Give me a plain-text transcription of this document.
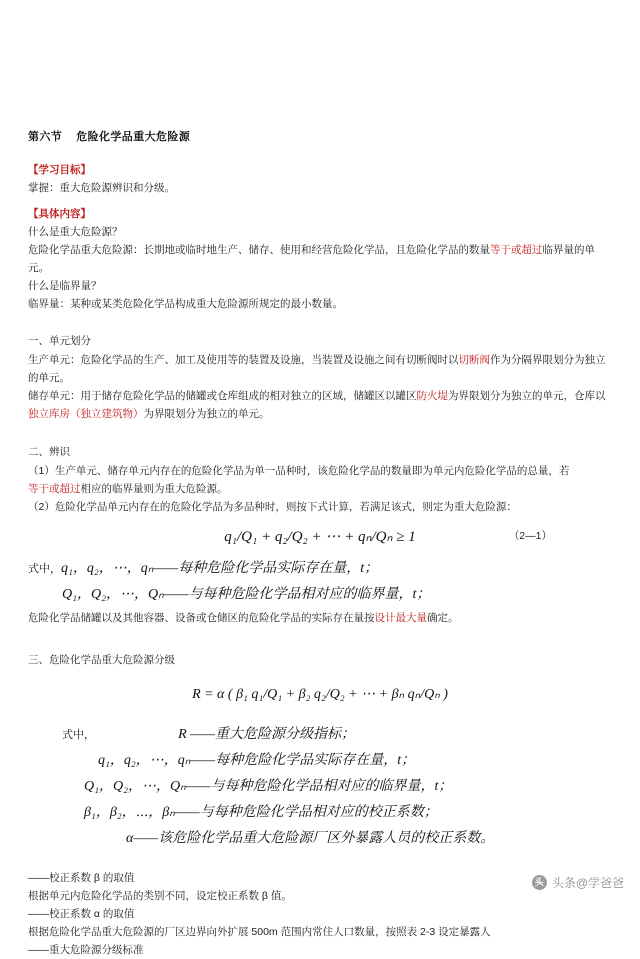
第六节 危险化学品重大危险源

【学习目标】

掌握：重大危险源辨识和分级。

【具体内容】

什么是重大危险源？

危险化学品重大危险源：长期地或临时地生产、储存、使用和经营危险化学品，且危险化学品的数量等于或超过临界量的单元。

什么是临界量？

临界量：某种或某类危险化学品构成重大危险源所规定的最小数量。

一、单元划分

生产单元：危险化学品的生产、加工及使用等的装置及设施，当装置及设施之间有切断阀时以切断阀作为分隔界限划分为独立的单元。

储存单元：用于储存危险化学品的储罐或仓库组成的相对独立的区域，储罐区以罐区防火堤为界限划分为独立的单元，仓库以独立库房（独立建筑物）为界限划分为独立的单元。

二、辨识

（1）生产单元、储存单元内存在的危险化学品为单一品种时，该危险化学品的数量即为单元内危险化学品的总量，若

等于或超过相应的临界量则为重大危险源。

（2）危险化学品单元内存在的危险化学品为多品种时，则按下式计算，若满足该式，则定为重大危险源：

q₁/Q₁ + q₂/Q₂ + ⋯ + qₙ/Qₙ ≥ 1	（2—1）

式中，q₁，q₂，⋯，qₙ——每种危险化学品实际存在量，t；

Q₁，Q₂，⋯，Qₙ——与每种危险化学品相对应的临界量，t；

危险化学品储罐以及其他容器、设备或仓储区的危险化学品的实际存在量按设计最大量确定。

三、危险化学品重大危险源分级

R = α ( β₁ q₁/Q₁ + β₂ q₂/Q₂ + ⋯ + βₙ qₙ/Qₙ )

式中，	R ——重大危险源分级指标；

q₁，q₂，⋯，qₙ——每种危险化学品实际存在量，t；

Q₁，Q₂，⋯，Qₙ——与每种危险化学品相对应的临界量，t；

β₁，β₂，⋯，βₙ——与每种危险化学品相对应的校正系数；

α——该危险化学品重大危险源厂区外暴露人员的校正系数。

——校正系数 β 的取值

根据单元内危险化学品的类别不同，设定校正系数 β 值。

——校正系数 α 的取值

根据危险化学品重大危险源的厂区边界向外扩展 500m 范围内常住人口数量，按照表 2-3 设定暴露人

——重大危险源分级标准

头 头条@学爸爸
